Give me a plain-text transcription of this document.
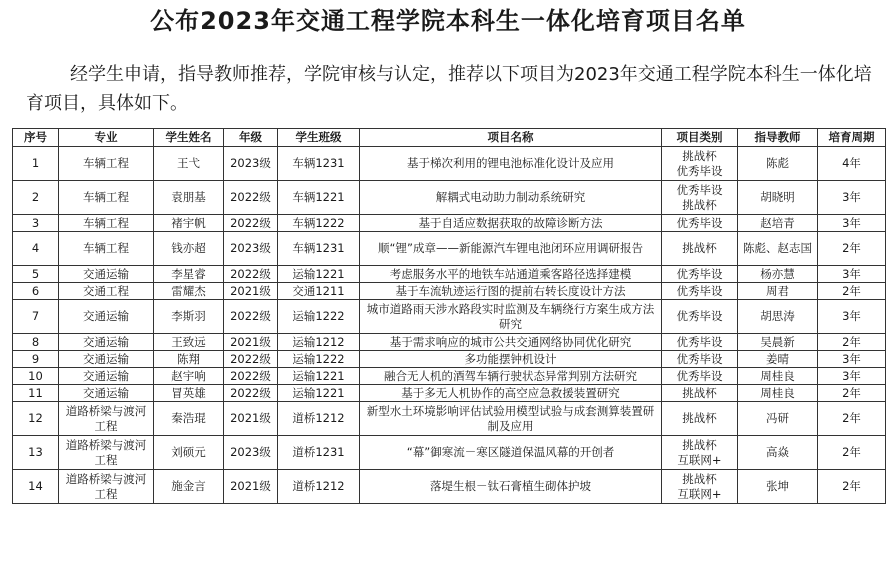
公布2023年交通工程学院本科生一体化培育项目名单
经学生申请，指导教师推荐，学院审核与认定，推荐以下项目为2023年交通工程学院本科生一体化培育项目，具体如下。
序号	专业	学生姓名	年级	学生班级	项目名称	项目类别	指导教师	培育周期
1	车辆工程	王弋	2023级	车辆1231	基于梯次利用的锂电池标准化设计及应用	挑战杯
优秀毕设	陈彪	4年
2	车辆工程	袁朋基	2022级	车辆1221	解耦式电动助力制动系统研究	优秀毕设
挑战杯	胡晓明	3年
3	车辆工程	褚宇帆	2022级	车辆1222	基于自适应数据获取的故障诊断方法	优秀毕设	赵培青	3年
4	车辆工程	钱亦超	2023级	车辆1231	顺“锂”成章——新能源汽车锂电池闭环应用调研报告	挑战杯	陈彪、赵志国	2年
5	交通运输	李星睿	2022级	运输1221	考虑服务水平的地铁车站通道乘客路径选择建模	优秀毕设	杨亦慧	3年
6	交通工程	雷耀杰	2021级	交通1211	基于车流轨迹运行图的提前右转长度设计方法	优秀毕设	周君	2年
7	交通运输	李斯羽	2022级	运输1222	城市道路雨天涉水路段实时监测及车辆绕行方案生成方法研究	优秀毕设	胡思涛	3年
8	交通运输	王致远	2021级	运输1212	基于需求响应的城市公共交通网络协同优化研究	优秀毕设	吴晨新	2年
9	交通运输	陈翔	2022级	运输1222	多功能摆钟机设计	优秀毕设	姜晴	3年
10	交通运输	赵宇响	2022级	运输1221	融合无人机的酒驾车辆行驶状态异常判别方法研究	优秀毕设	周桂良	3年
11	交通运输	冒英雄	2022级	运输1221	基于多无人机协作的高空应急救援装置研究	挑战杯	周桂良	2年
12	道路桥梁与渡河工程	秦浩琨	2021级	道桥1212	新型水土环境影响评估试验用模型试验与成套测算装置研制及应用	挑战杯	冯研	2年
13	道路桥梁与渡河工程	刘硕元	2023级	道桥1231	“幕”御寒流－寒区隧道保温风幕的开创者	挑战杯
互联网+	高焱	2年
14	道路桥梁与渡河工程	施金言	2021级	道桥1212	落堤生根－钛石膏植生砌体护坡	挑战杯
互联网+	张坤	2年
